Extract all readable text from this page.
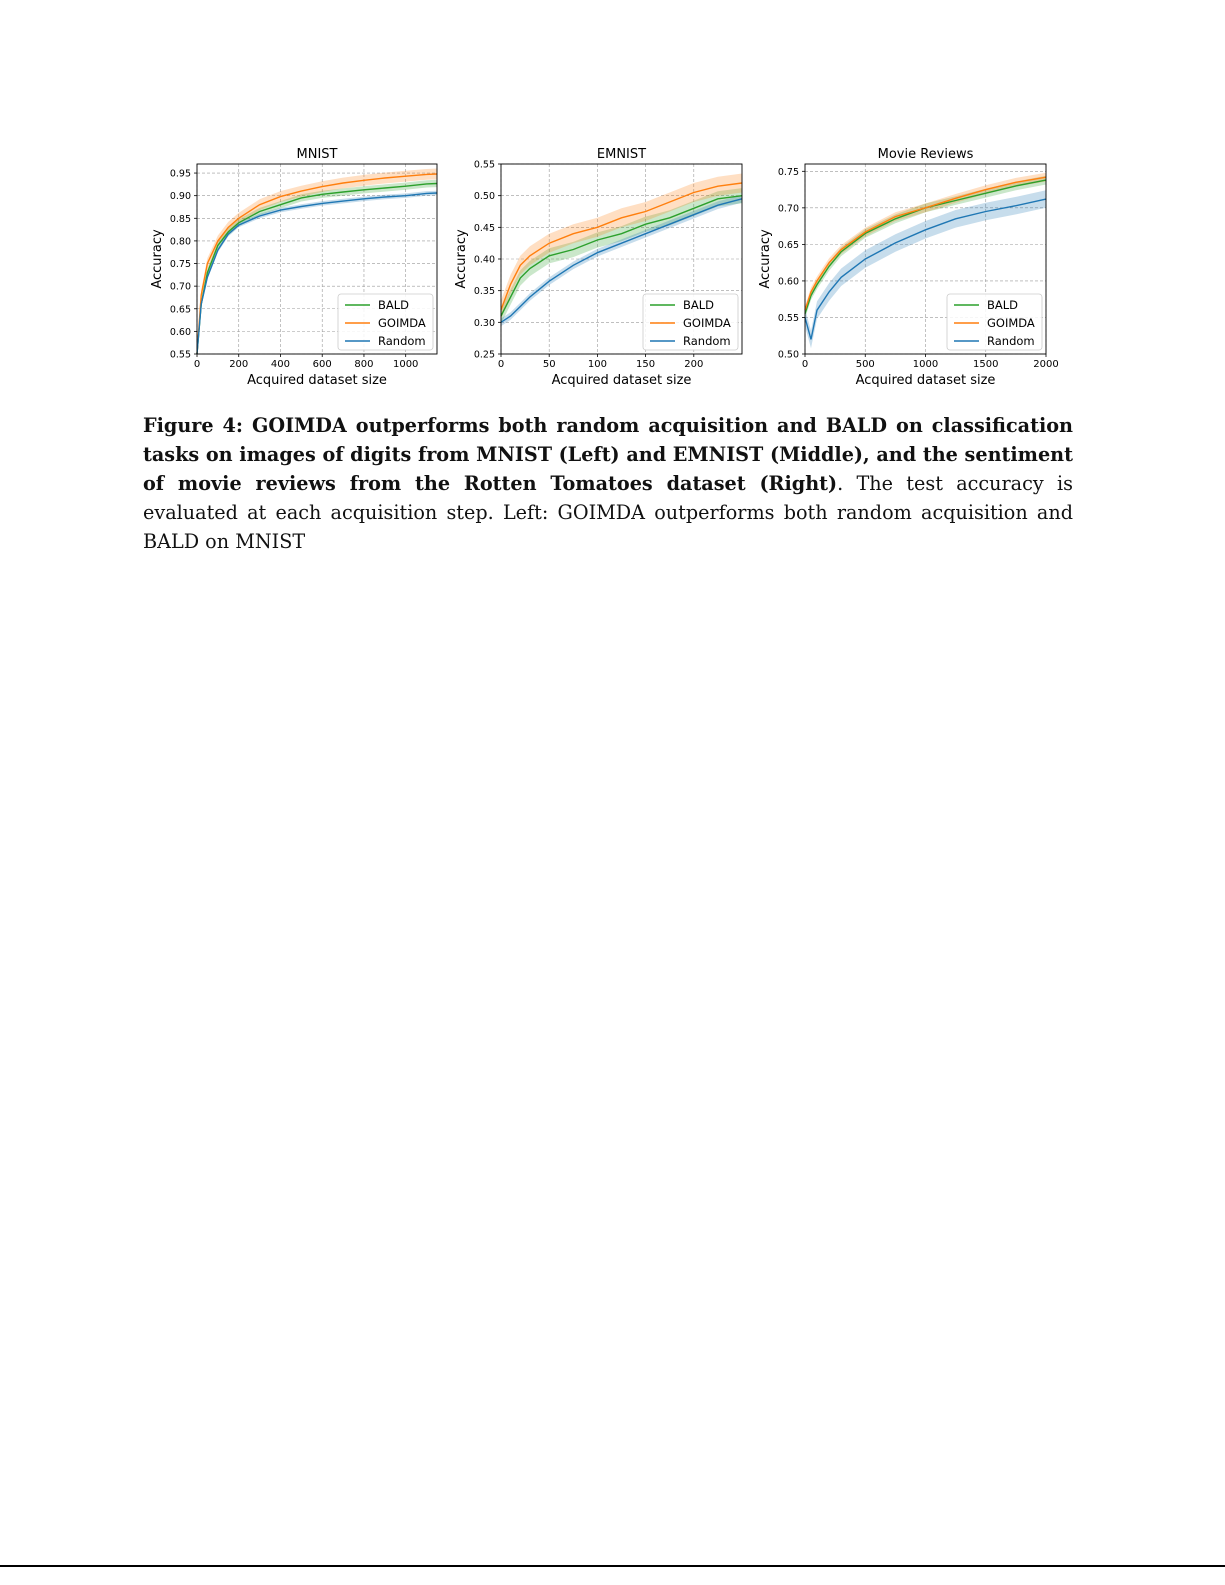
0	200 400 600 800 1000
0.55
0.60
0.65
0.70
0.75
0.80
0.85
0.90
0.95
MNIST
Acquired dataset size
Accuracy
BALD
GOIMDA
Random
0	50	100	150	200
0.25
0.30
0.35
0.40
0.45
0.50
0.55
EMNIST
Acquired dataset size
Accuracy
BALD
GOIMDA
Random
0	500	1000	1500	2000
0.50
0.55
0.60
0.65
0.70
0.75
Movie Reviews
Acquired dataset size
Accuracy
BALD
GOIMDA
Random
Figure 4: GOIMDA outperforms both random acquisition and BALD on classification tasks on images of digits from MNIST (Left) and EMNIST (Middle), and the sentiment of movie reviews from the Rotten Tomatoes dataset (Right). The test accuracy is evaluated at each acquisition step. Left: GOIMDA outperforms both random acquisition and BALD on MNIST
